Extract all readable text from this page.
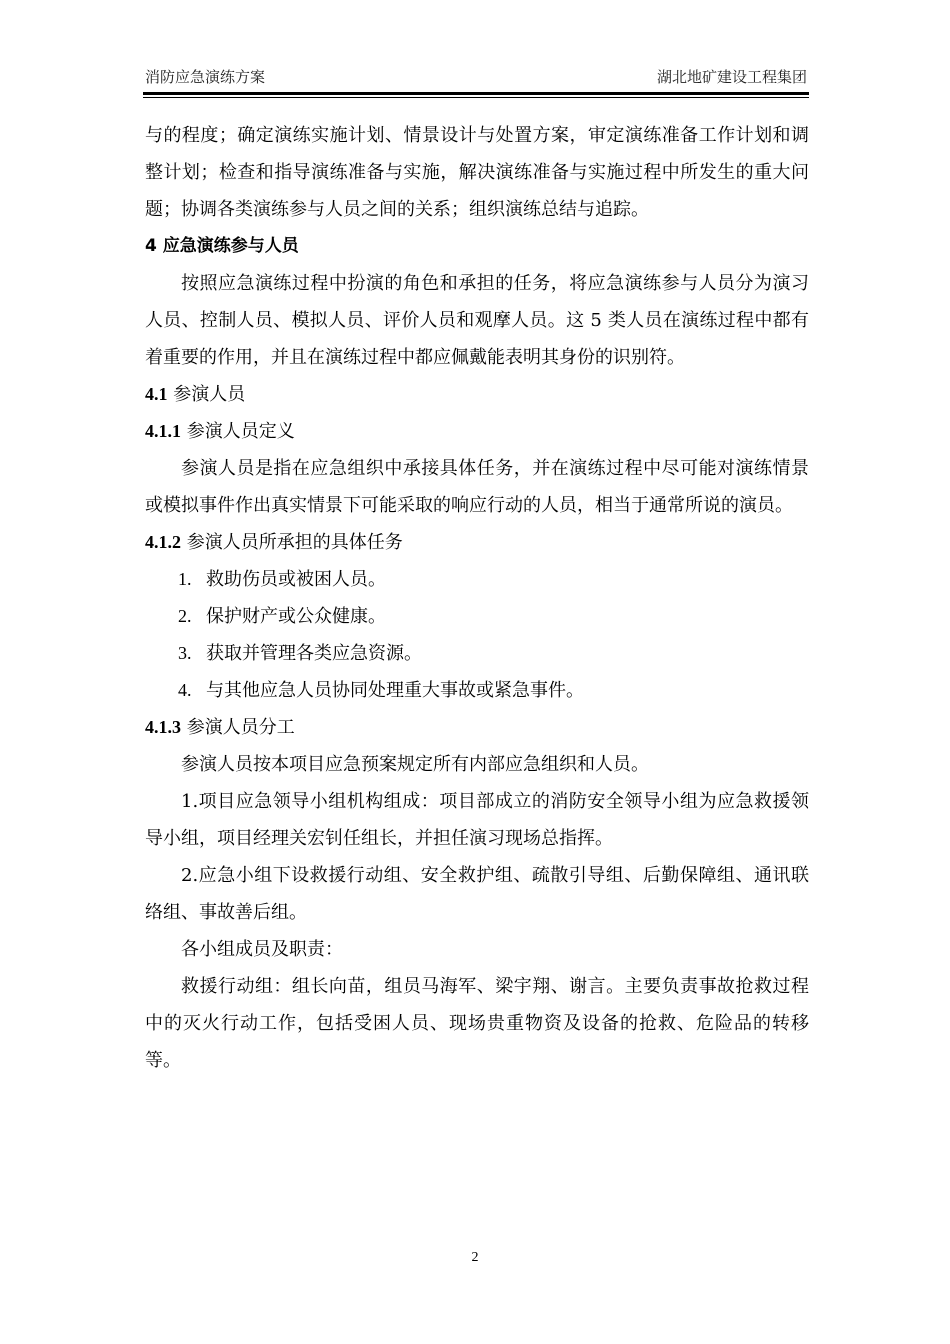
消防应急演练方案	湖北地矿建设工程集团

与的程度；确定演练实施计划、情景设计与处置方案，审定演练准备工作计划和调整计划；检查和指导演练准备与实施，解决演练准备与实施过程中所发生的重大问题；协调各类演练参与人员之间的关系；组织演练总结与追踪。

4 应急演练参与人员

按照应急演练过程中扮演的角色和承担的任务，将应急演练参与人员分为演习人员、控制人员、模拟人员、评价人员和观摩人员。这 5 类人员在演练过程中都有着重要的作用，并且在演练过程中都应佩戴能表明其身份的识别符。

4.1 参演人员

4.1.1 参演人员定义

参演人员是指在应急组织中承接具体任务，并在演练过程中尽可能对演练情景或模拟事件作出真实情景下可能采取的响应行动的人员，相当于通常所说的演员。

4.1.2 参演人员所承担的具体任务

1. 救助伤员或被困人员。
2. 保护财产或公众健康。
3. 获取并管理各类应急资源。
4. 与其他应急人员协同处理重大事故或紧急事件。

4.1.3 参演人员分工

参演人员按本项目应急预案规定所有内部应急组织和人员。

1.项目应急领导小组机构组成：项目部成立的消防安全领导小组为应急救援领导小组，项目经理关宏钊任组长，并担任演习现场总指挥。

2.应急小组下设救援行动组、安全救护组、疏散引导组、后勤保障组、通讯联络组、事故善后组。

各小组成员及职责：

救援行动组：组长向苗，组员马海军、梁宇翔、谢言。主要负责事故抢救过程中的灭火行动工作，包括受困人员、现场贵重物资及设备的抢救、危险品的转移等。

2
